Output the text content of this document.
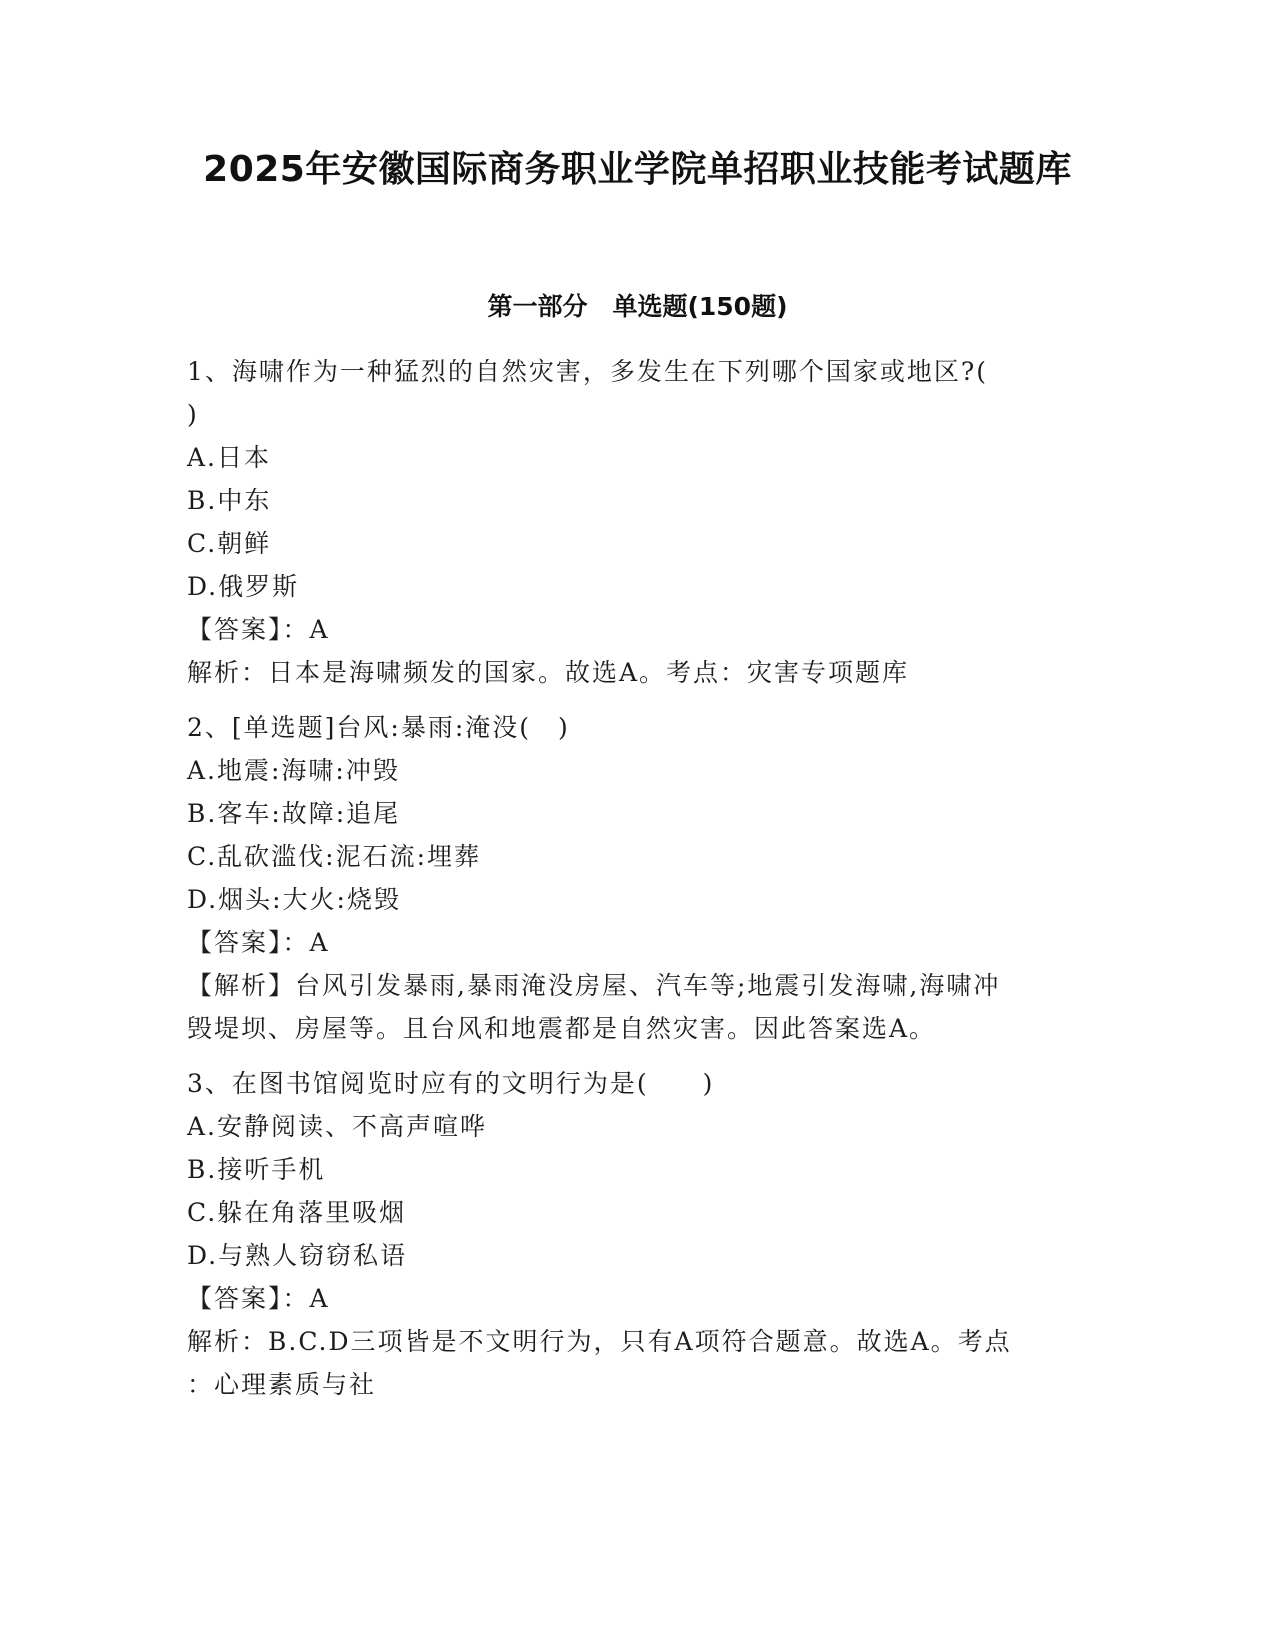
2025年安徽国际商务职业学院单招职业技能考试题库
第一部分　单选题(150题)
1、海啸作为一种猛烈的自然灾害，多发生在下列哪个国家或地区?(
)
A.日本
B.中东
C.朝鲜
D.俄罗斯
【答案】：A
解析：日本是海啸频发的国家。故选A。考点：灾害专项题库
2、[单选题]台风:暴雨:淹没(　)
A.地震:海啸:冲毁
B.客车:故障:追尾
C.乱砍滥伐:泥石流:埋葬
D.烟头:大火:烧毁
【答案】：A
【解析】台风引发暴雨,暴雨淹没房屋、汽车等;地震引发海啸,海啸冲
毁堤坝、房屋等。且台风和地震都是自然灾害。因此答案选A。
3、在图书馆阅览时应有的文明行为是(　　)
A.安静阅读、不高声喧哗
B.接听手机
C.躲在角落里吸烟
D.与熟人窃窃私语
【答案】：A
解析：B.C.D三项皆是不文明行为，只有A项符合题意。故选A。考点
：心理素质与社
